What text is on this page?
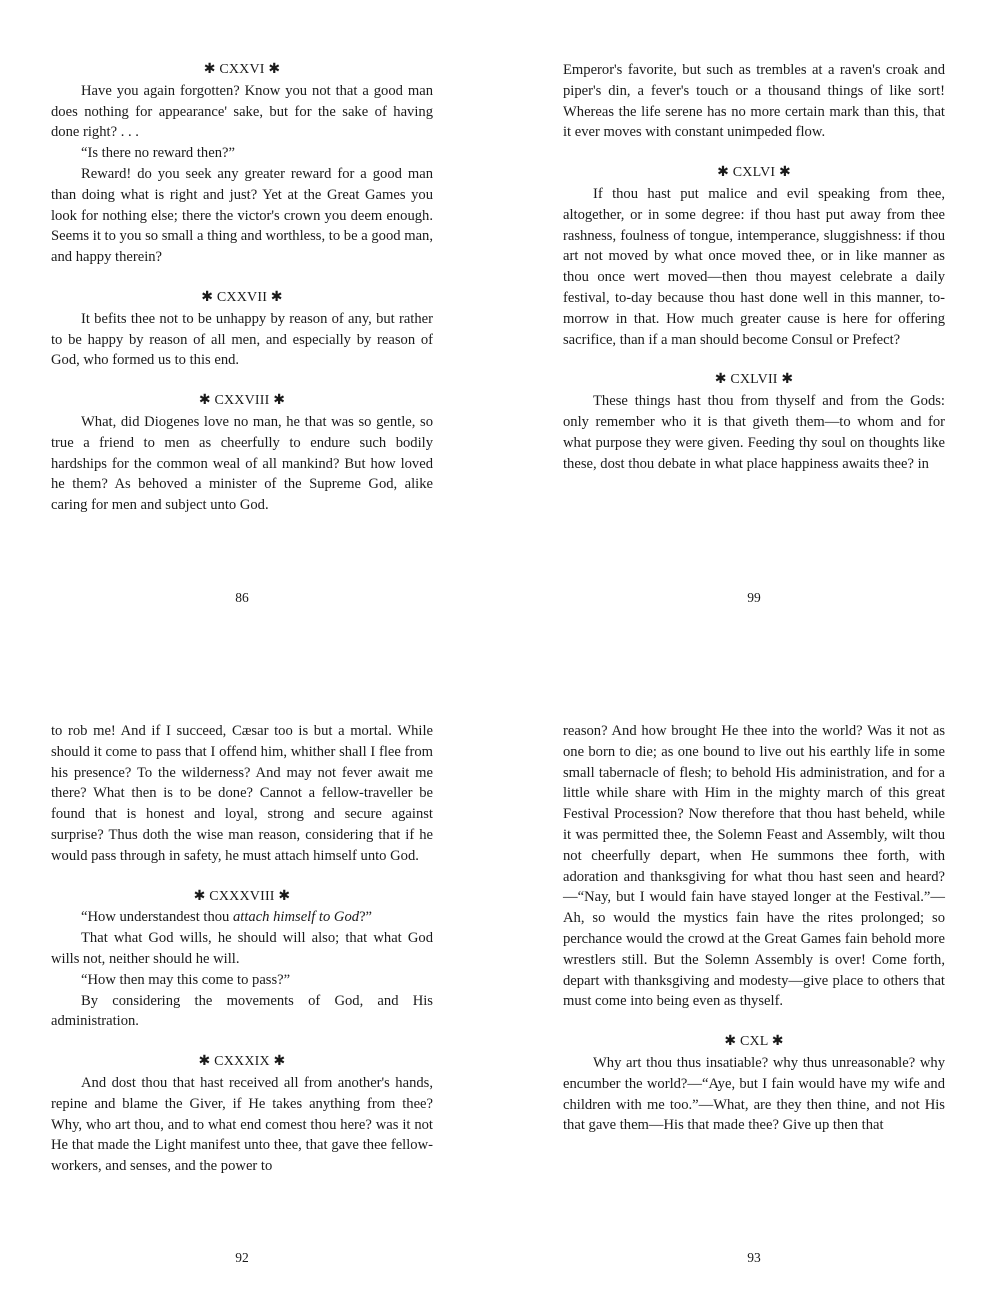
✱ CXXVI ✱

Have you again forgotten? Know you not that a good man does nothing for appearance' sake, but for the sake of having done right? . . .

“Is there no reward then?”

Reward! do you seek any greater reward for a good man than doing what is right and just? Yet at the Great Games you look for nothing else; there the victor's crown you deem enough. Seems it to you so small a thing and worthless, to be a good man, and happy therein?

✱ CXXVII ✱

It befits thee not to be unhappy by reason of any, but rather to be happy by reason of all men, and especially by reason of God, who formed us to this end.

✱ CXXVIII ✱

What, did Diogenes love no man, he that was so gentle, so true a friend to men as cheerfully to endure such bodily hardships for the common weal of all mankind? But how loved he them? As behoved a minister of the Supreme God, alike caring for men and subject unto God.

86

Emperor's favorite, but such as trembles at a raven's croak and piper's din, a fever's touch or a thousand things of like sort! Whereas the life serene has no more certain mark than this, that it ever moves with constant unimpeded flow.

✱ CXLVI ✱

If thou hast put malice and evil speaking from thee, altogether, or in some degree: if thou hast put away from thee rashness, foulness of tongue, intemperance, sluggishness: if thou art not moved by what once moved thee, or in like manner as thou once wert moved—then thou mayest celebrate a daily festival, to-day because thou hast done well in this manner, to-morrow in that. How much greater cause is here for offering sacrifice, than if a man should become Consul or Prefect?

✱ CXLVII ✱

These things hast thou from thyself and from the Gods: only remember who it is that giveth them—to whom and for what purpose they were given. Feeding thy soul on thoughts like these, dost thou debate in what place happiness awaits thee? in

99

to rob me! And if I succeed, Cæsar too is but a mortal. While should it come to pass that I offend him, whither shall I flee from his presence? To the wilderness? And may not fever await me there? What then is to be done? Cannot a fellow-traveller be found that is honest and loyal, strong and secure against surprise? Thus doth the wise man reason, considering that if he would pass through in safety, he must attach himself unto God.

✱ CXXXVIII ✱

“How understandest thou attach himself to God?”

That what God wills, he should will also; that what God wills not, neither should he will.

“How then may this come to pass?”

By considering the movements of God, and His administration.

✱ CXXXIX ✱

And dost thou that hast received all from another's hands, repine and blame the Giver, if He takes anything from thee? Why, who art thou, and to what end comest thou here? was it not He that made the Light manifest unto thee, that gave thee fellow-workers, and senses, and the power to

92

reason? And how brought He thee into the world? Was it not as one born to die; as one bound to live out his earthly life in some small tabernacle of flesh; to behold His administration, and for a little while share with Him in the mighty march of this great Festival Procession? Now therefore that thou hast beheld, while it was permitted thee, the Solemn Feast and Assembly, wilt thou not cheerfully depart, when He summons thee forth, with adoration and thanksgiving for what thou hast seen and heard?—“Nay, but I would fain have stayed longer at the Festival.”—Ah, so would the mystics fain have the rites prolonged; so perchance would the crowd at the Great Games fain behold more wrestlers still. But the Solemn Assembly is over! Come forth, depart with thanksgiving and modesty—give place to others that must come into being even as thyself.

✱ CXL ✱

Why art thou thus insatiable? why thus unreasonable? why encumber the world?—“Aye, but I fain would have my wife and children with me too.”—What, are they then thine, and not His that gave them—His that made thee? Give up then that

93
